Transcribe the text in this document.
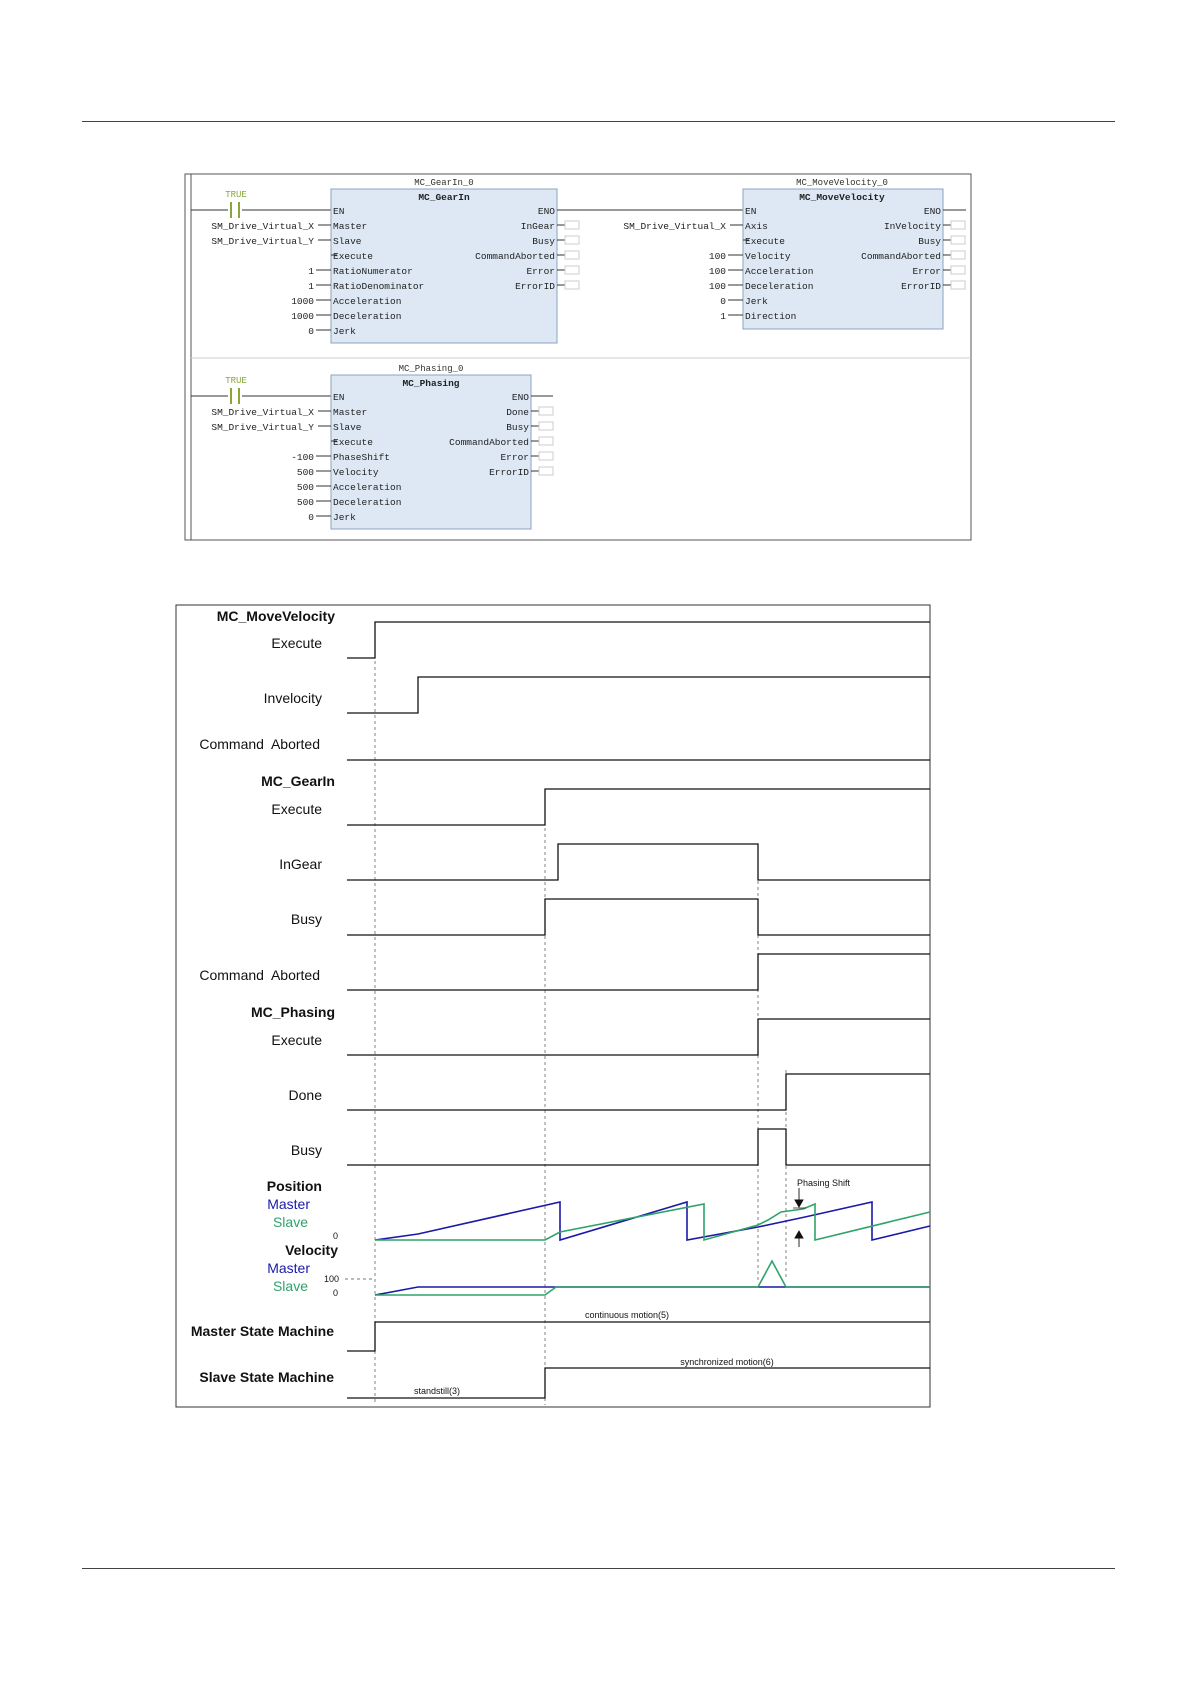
TRUE
MC_GearIn_0
MC_GearIn
EN
Master
Slave
Execute
RatioNumerator
RatioDenominator
Acceleration
Deceleration
Jerk
SM_Drive_Virtual_X
SM_Drive_Virtual_Y
1
1
1000
1000
0
ENO
InGear
Busy
CommandAborted
Error
ErrorID
MC_MoveVelocity_0
MC_MoveVelocity
EN
Axis
Execute
Velocity
Acceleration
Deceleration
Jerk
Direction
SM_Drive_Virtual_X
100
100
100
0
1
ENO
InVelocity
Busy
CommandAborted
Error
ErrorID
TRUE
MC_Phasing_0
MC_Phasing
EN
Master
Slave
Execute
PhaseShift
Velocity
Acceleration
Deceleration
Jerk
SM_Drive_Virtual_X
SM_Drive_Virtual_Y
-100
500
500
500
0
ENO
Done
Busy
CommandAborted
Error
ErrorID
MC_MoveVelocity
Execute
Invelocity
Command  Aborted
MC_GearIn
Execute
InGear
Busy
Command  Aborted
MC_Phasing
Execute
Done
Busy
Position
Master
Slave
Velocity
Master
Slave
Master State Machine
Slave State Machine
0
100
0
Phasing Shift
continuous motion(5)
synchronized motion(6)
standstill(3)
